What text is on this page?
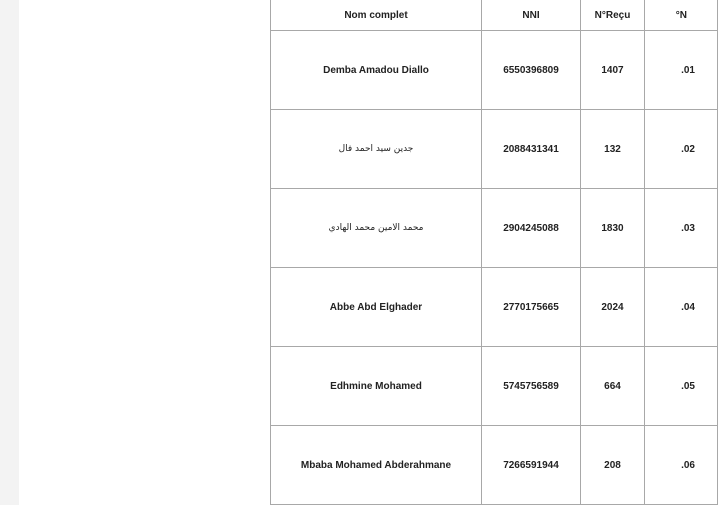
Nom complet	NNI	N°Reçu	°N
Demba Amadou Diallo	6550396809	1407	.01
جدين سيد احمد فال	2088431341	132	.02
محمد الامين محمد الهادي	2904245088	1830	.03
Abbe Abd Elghader	2770175665	2024	.04
Edhmine Mohamed	5745756589	664	.05
Mbaba Mohamed Abderahmane	7266591944	208	.06
